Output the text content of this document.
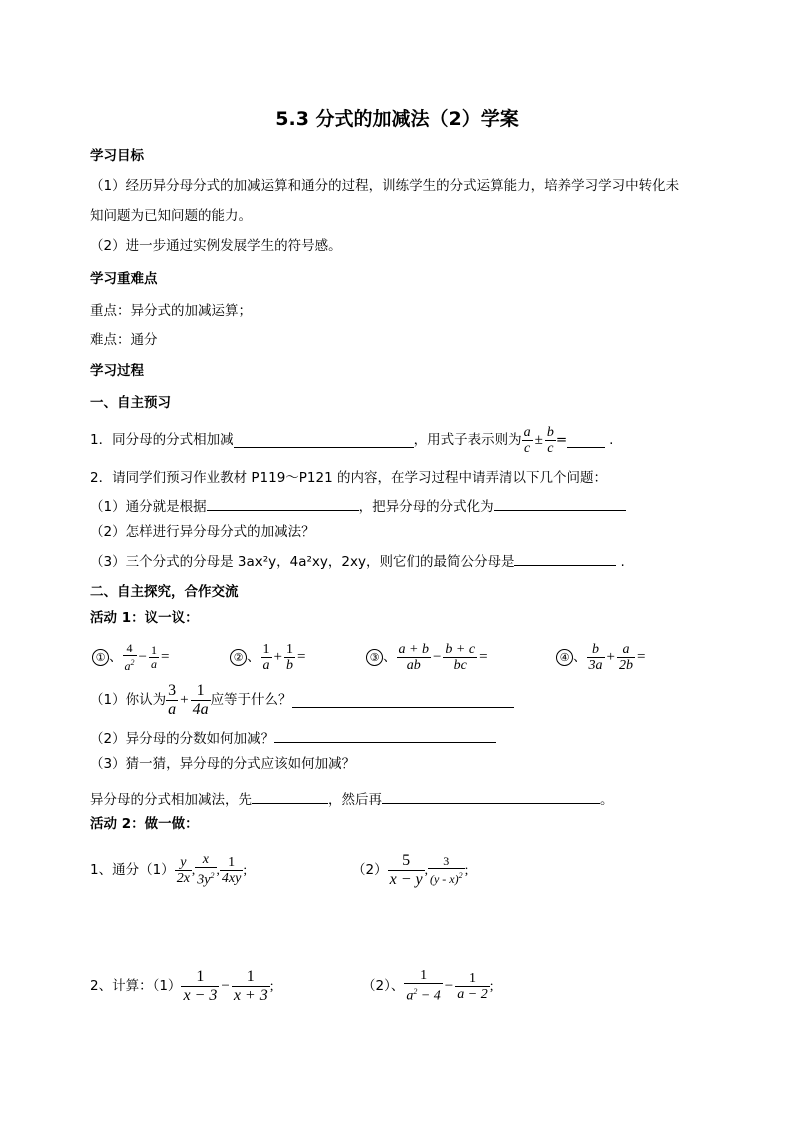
5.3 分式的加减法（2）学案
学习目标
（1）经历异分母分式的加减运算和通分的过程，训练学生的分式运算能力，培养学习学习中转化未
知问题为已知问题的能力。
（2）进一步通过实例发展学生的符号感。
学习重难点
重点：异分式的加减运算；
难点：通分
学习过程
一、自主预习
1．同分母的分式相加减	，用式子表示则为 $\frac{a}{c} \pm \frac{b}{c}$ =	.
2．请同学们预习作业教材 P119～P121 的内容，在学习过程中请弄清以下几个问题：
（1）通分就是根据	，把异分母的分式化为
（2）怎样进行异分母分式的加减法？
（3）三个分式的分母是 3ax²y，4a²xy，2xy，则它们的最简公分母是	.
二、自主探究，合作交流
活动 1：议一议：
① 、 $\frac{4}{a^2} - \frac{1}{a}$ =	② 、 $\frac{1}{a} + \frac{1}{b}$ =	③ 、 $\frac{a + b}{ab} - \frac{b + c}{bc}$ =	④ 、 $\frac{b}{3a} + \frac{a}{2b}$ =
（1）你认为 $\frac{3}{a} + \frac{1}{4a}$ 应等于什么？
（2）异分母的分数如何加减？
（3）猜一猜，异分母的分式应该如何加减？
异分母的分式相加减法，先	，然后再	。
活动 2：做一做：
1、通分$(1) \frac{y}{2x}$ , $\frac{x}{3y^2}$ , $\frac{1}{4xy}$ ;	$(2) \frac{5}{x - y}$ , $\frac{3}{(y - x)^2}$ ;
2、计算：$(1) \frac{1}{x - 3} - \frac{1}{x + 3}$ ;	（2）、 $\frac{1}{a^2 - 4} - \frac{1}{a - 2}$ ;
